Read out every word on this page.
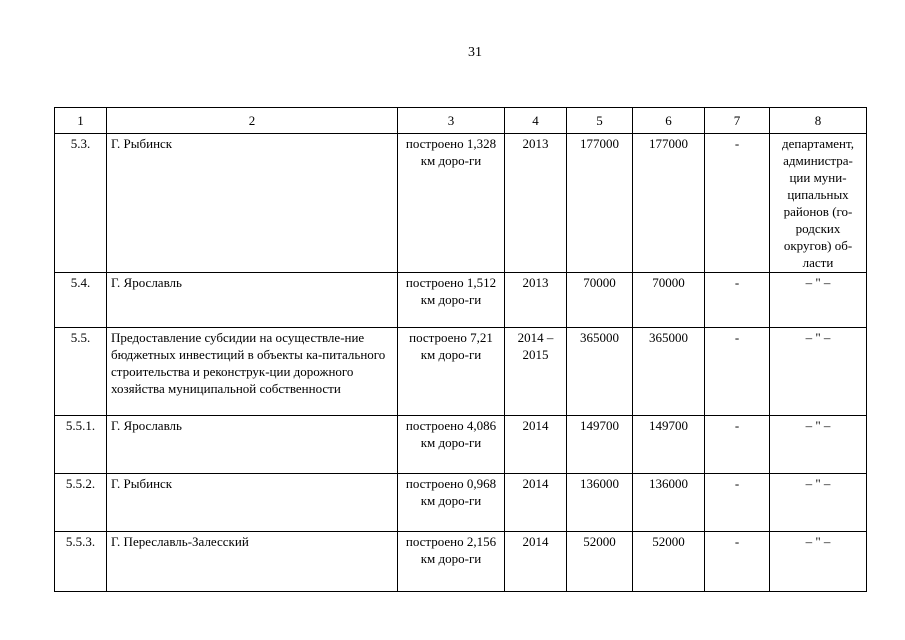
31
1	2	3	4	5	6	7	8
5.3.	Г. Рыбинск	построено 1,328 км доро-ги	2013	177000	177000	-	департамент, администра-ции муни-ципальных районов (го-родских округов) об-ласти
5.4.	Г. Ярославль	построено 1,512 км доро-ги	2013	70000	70000	-	– " –
5.5.	Предоставление субсидии на осуществле-ние бюджетных инвестиций в объекты ка-питального строительства и реконструк-ции дорожного хозяйства муниципальной собственности	построено 7,21 км доро-ги	2014 – 2015	365000	365000	-	– " –
5.5.1.	Г. Ярославль	построено 4,086 км доро-ги	2014	149700	149700	-	– " –
5.5.2.	Г. Рыбинск	построено 0,968 км доро-ги	2014	136000	136000	-	– " –
5.5.3.	Г. Переславль-Залесский	построено 2,156 км доро-ги	2014	52000	52000	-	– " –
